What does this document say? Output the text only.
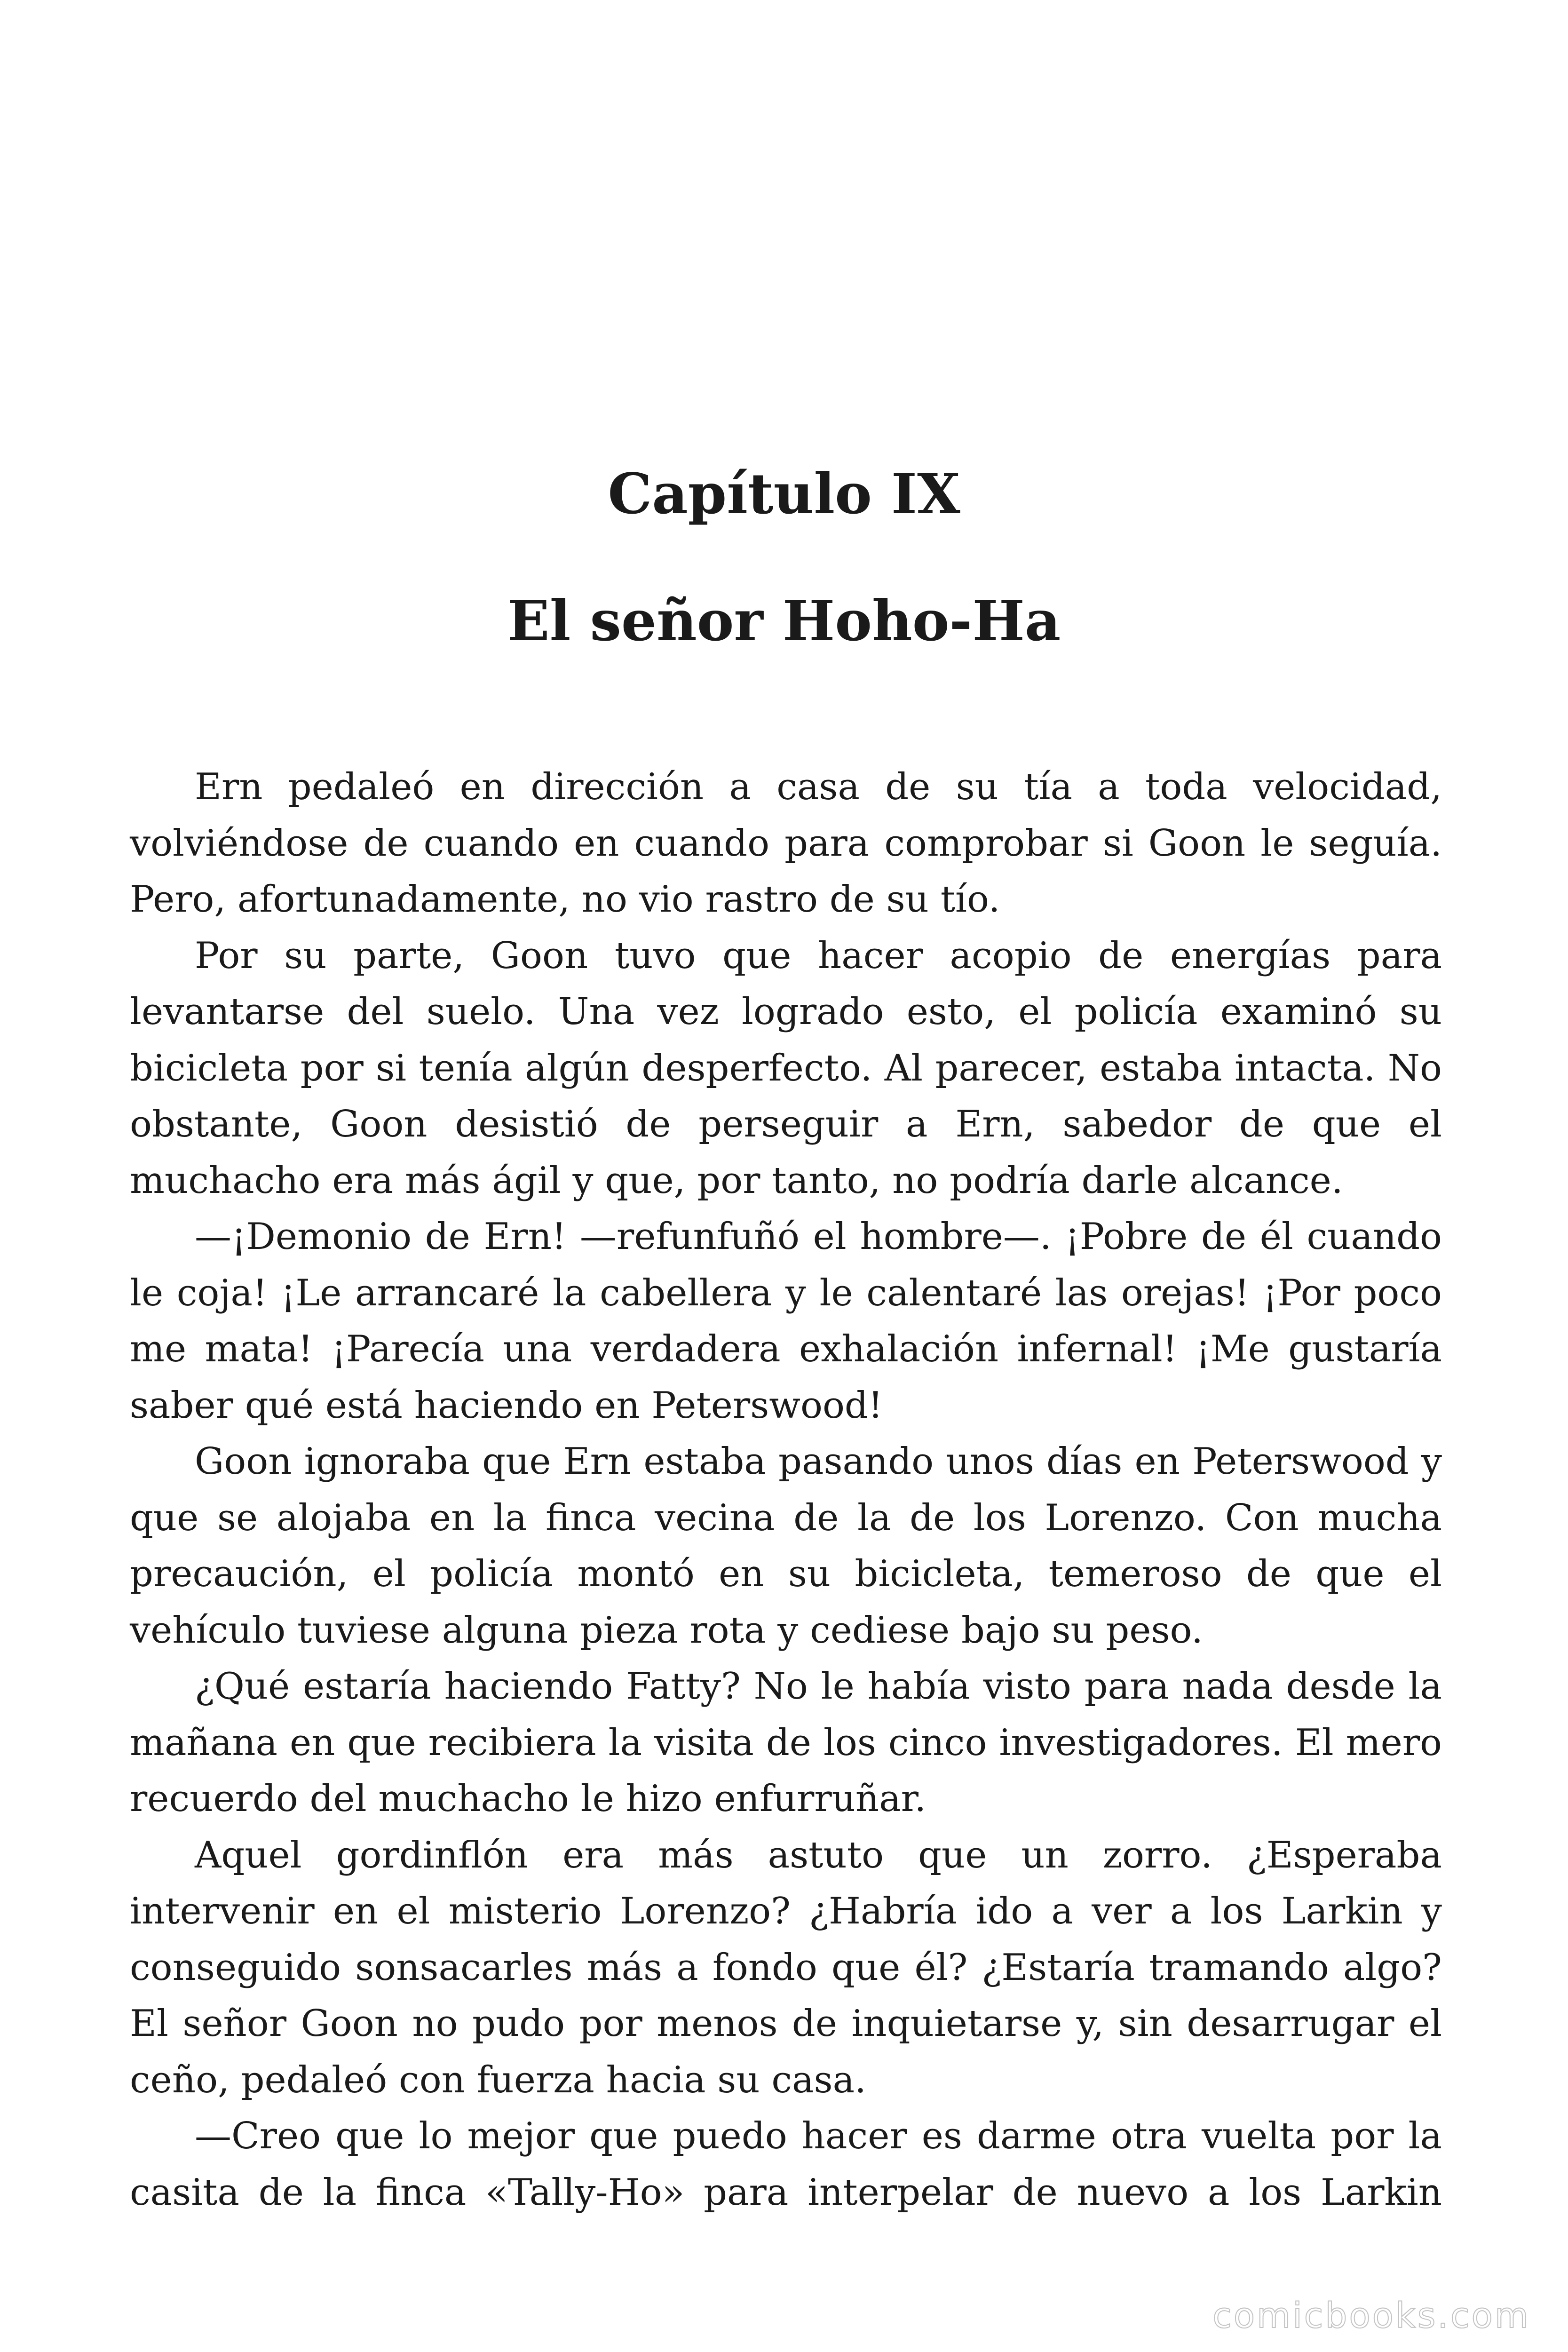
Capítulo IX
El señor Hoho-Ha

Ern pedaleó en dirección a casa de su tía a toda velocidad, volviéndose de cuando en cuando para comprobar si Goon le seguía. Pero, afortunadamente, no vio rastro de su tío.

Por su parte, Goon tuvo que hacer acopio de energías para levantarse del suelo. Una vez logrado esto, el policía examinó su bicicleta por si tenía algún desperfecto. Al parecer, estaba intacta. No obstante, Goon desistió de perseguir a Ern, sabedor de que el muchacho era más ágil y que, por tanto, no podría darle alcance.

—¡Demonio de Ern! —refunfuñó el hombre—. ¡Pobre de él cuando le coja! ¡Le arrancaré la cabellera y le calentaré las orejas! ¡Por poco me mata! ¡Parecía una verdadera exhalación infernal! ¡Me gustaría saber qué está haciendo en Peterswood!

Goon ignoraba que Ern estaba pasando unos días en Peterswood y que se alojaba en la finca vecina de la de los Lorenzo. Con mucha precaución, el policía montó en su bicicleta, temeroso de que el vehículo tuviese alguna pieza rota y cediese bajo su peso.

¿Qué estaría haciendo Fatty? No le había visto para nada desde la mañana en que recibiera la visita de los cinco investigadores. El mero recuerdo del muchacho le hizo enfurruñar.

Aquel gordinflón era más astuto que un zorro. ¿Esperaba intervenir en el misterio Lorenzo? ¿Habría ido a ver a los Larkin y conseguido sonsacarles más a fondo que él? ¿Estaría tramando algo? El señor Goon no pudo por menos de inquietarse y, sin desarrugar el ceño, pedaleó con fuerza hacia su casa.

—Creo que lo mejor que puedo hacer es darme otra vuelta por la casita de la finca «Tally-Ho» para interpelar de nuevo a los Larkin

comicbooks.com
